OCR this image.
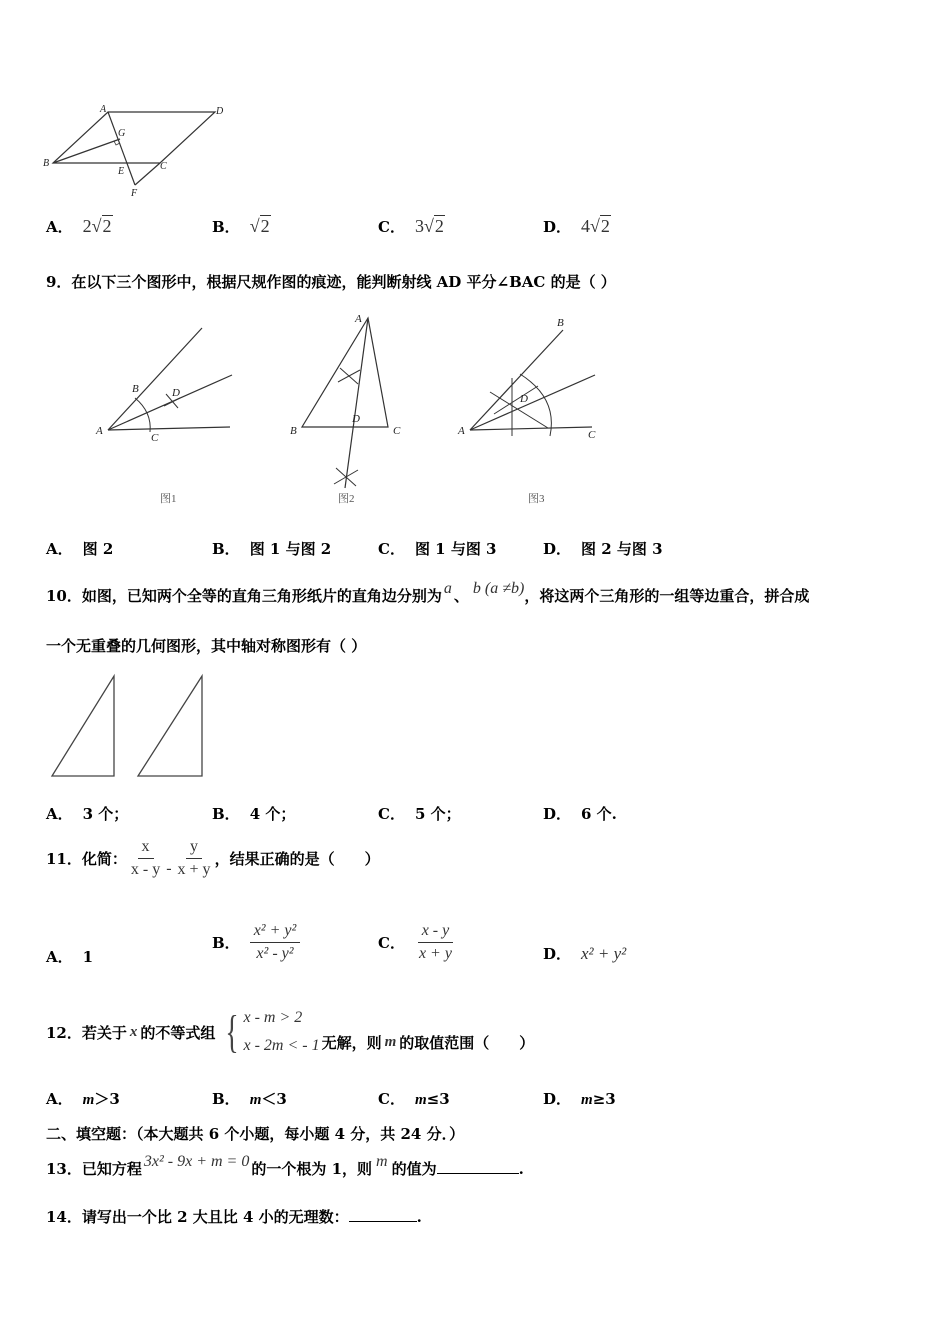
A	D
B	C
G
E
F
A． 2√2	B． √2	C． 3√2	D． 4√2
9．在以下三个图形中，根据尺规作图的痕迹，能判断射线 AD 平分∠BAC 的是（ ）
A
B
C
D
A
B	C
D
A
B
C
D
图1	图2	图3
A． 图 2	B． 图 1 与图 2	C． 图 1 与图 3	D． 图 2 与图 3
10．如图，已知两个全等的直角三角形纸片的直角边分别为 a 、 b (a ≠b)，将这两个三角形的一组等边重合，拼合成
一个无重叠的几何图形，其中轴对称图形有（ ）
A． 3 个；	B． 4 个；	C． 5 个；	D． 6 个.
11．化简： $\frac{x}{x - y} - \frac{y}{x + y}$ ，结果正确的是（　　）
A． 1
B． $\frac{\text{x² + y²}}{\text{x² - y²}}$	C． $\frac{x - y}{x + y}$	D． x² + y²
12．若关于 x 的不等式组 { x - m > 2
x - 2m < - 1 无解，则 m 的取值范围（　　）
A． m＞3	B． m＜3	C． m≤3	D． m≥3
二、填空题：（本大题共 6 个小题，每小题 4 分，共 24 分．）
13．已知方程 3x² - 9x + m = 0 的一个根为 1，则 m 的值为	.
14．请写出一个比 2 大且比 4 小的无理数：	.
